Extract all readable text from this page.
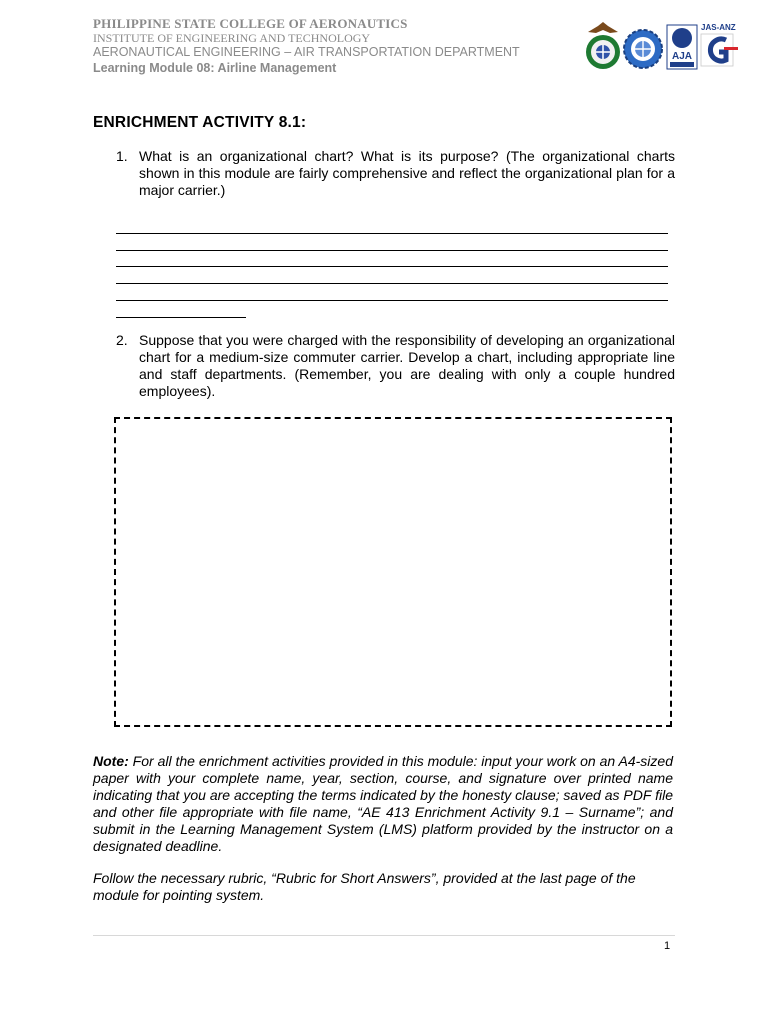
PHILIPPINE STATE COLLEGE OF AERONAUTICS
INSTITUTE OF ENGINEERING AND TECHNOLOGY
AERONAUTICAL ENGINEERING – AIR TRANSPORTATION DEPARTMENT
Learning Module 08: Airline Management
AJA
JAS-ANZ
ENRICHMENT ACTIVITY 8.1:
1. What is an organizational chart? What is its purpose? (The organizational charts shown in this module are fairly comprehensive and reflect the organizational plan for a major carrier.)
2. Suppose that you were charged with the responsibility of developing an organizational chart for a medium-size commuter carrier. Develop a chart, including appropriate line and staff departments. (Remember, you are dealing with only a couple hundred employees).
Note: For all the enrichment activities provided in this module: input your work on an A4-sized paper with your complete name, year, section, course, and signature over printed name indicating that you are accepting the terms indicated by the honesty clause; saved as PDF file and other file appropriate with file name, “AE 413 Enrichment Activity 9.1 – Surname”; and submit in the Learning Management System (LMS) platform provided by the instructor on a designated deadline.
Follow the necessary rubric, “Rubric for Short Answers”, provided at the last page of the module for pointing system.
1
